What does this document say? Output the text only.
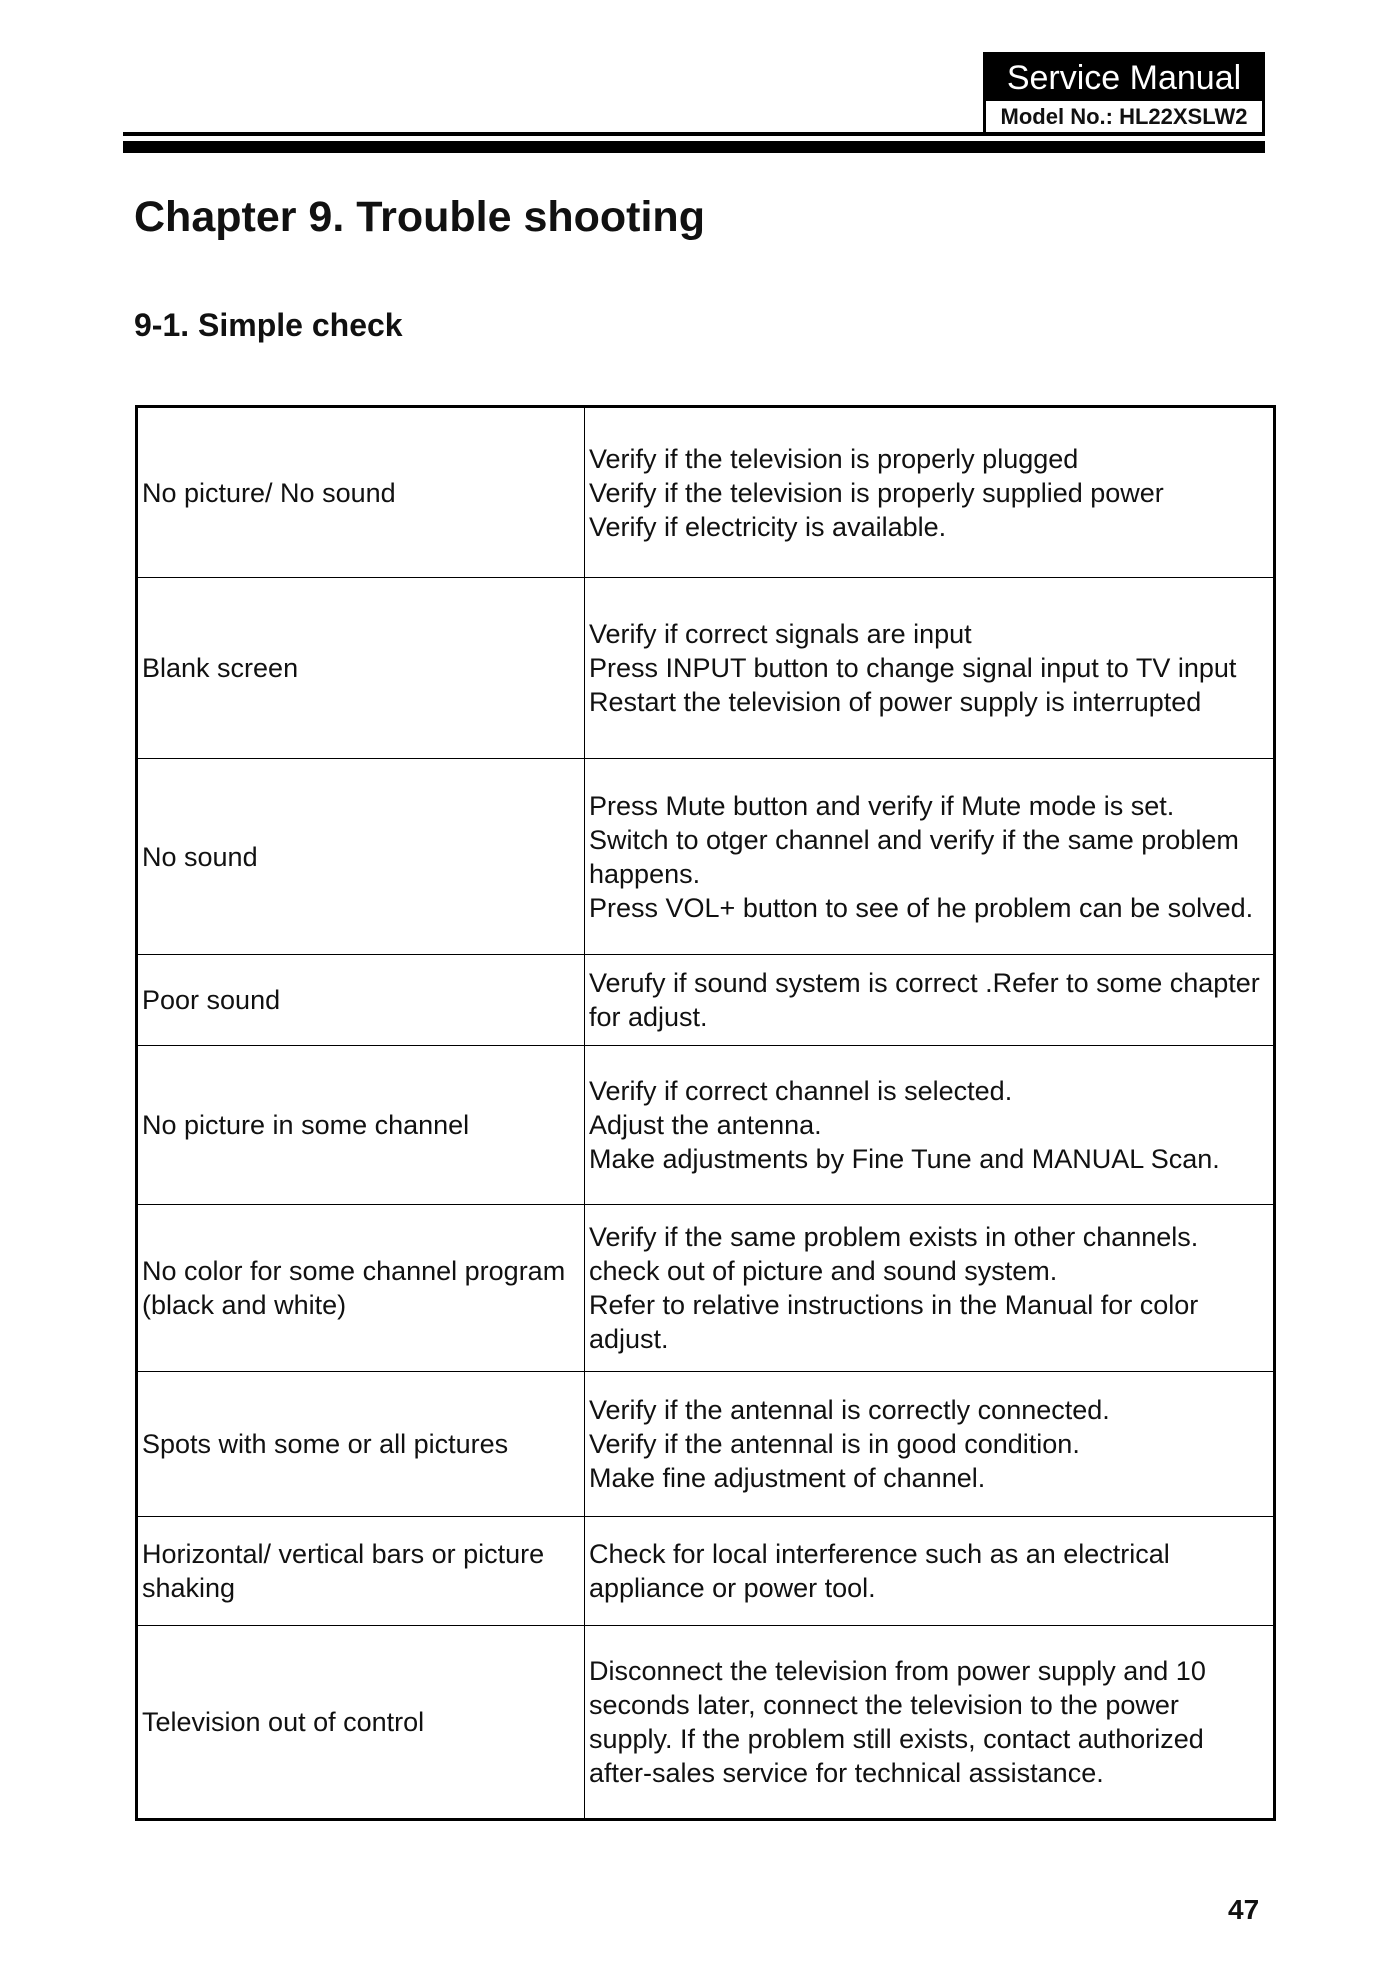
Service Manual
Model No.: HL22XSLW2
Chapter 9. Trouble shooting
9-1. Simple check
No picture/ No sound	Verify if the television is properly plugged
Verify if the television is properly supplied power
Verify if electricity is available.
Blank screen	Verify if correct signals are input
Press INPUT button to change signal input to TV input
Restart the television of power supply is interrupted
No sound	Press Mute button and verify if Mute mode is set.
Switch to otger channel and verify if the same problem happens.
Press VOL+ button to see of he problem can be solved.
Poor sound	Verufy if sound system is correct .Refer to some chapter for adjust.
No picture in some channel	Verify if correct channel is selected.
Adjust the antenna.
Make adjustments by Fine Tune and MANUAL Scan.
No color for some channel program (black and white)	Verify if the same problem exists in other channels.
check out of picture and sound system.
Refer to relative instructions in the Manual for color adjust.
Spots with some or all pictures	Verify if the antennal is correctly connected.
Verify if the antennal is in good condition.
Make fine adjustment of channel.
Horizontal/ vertical bars or picture shaking	Check for local interference such as an electrical appliance or power tool.
Television out of control	Disconnect the television from power supply and 10 seconds later, connect the television to the power supply. If the problem still exists, contact authorized after-sales service for technical assistance.
47
